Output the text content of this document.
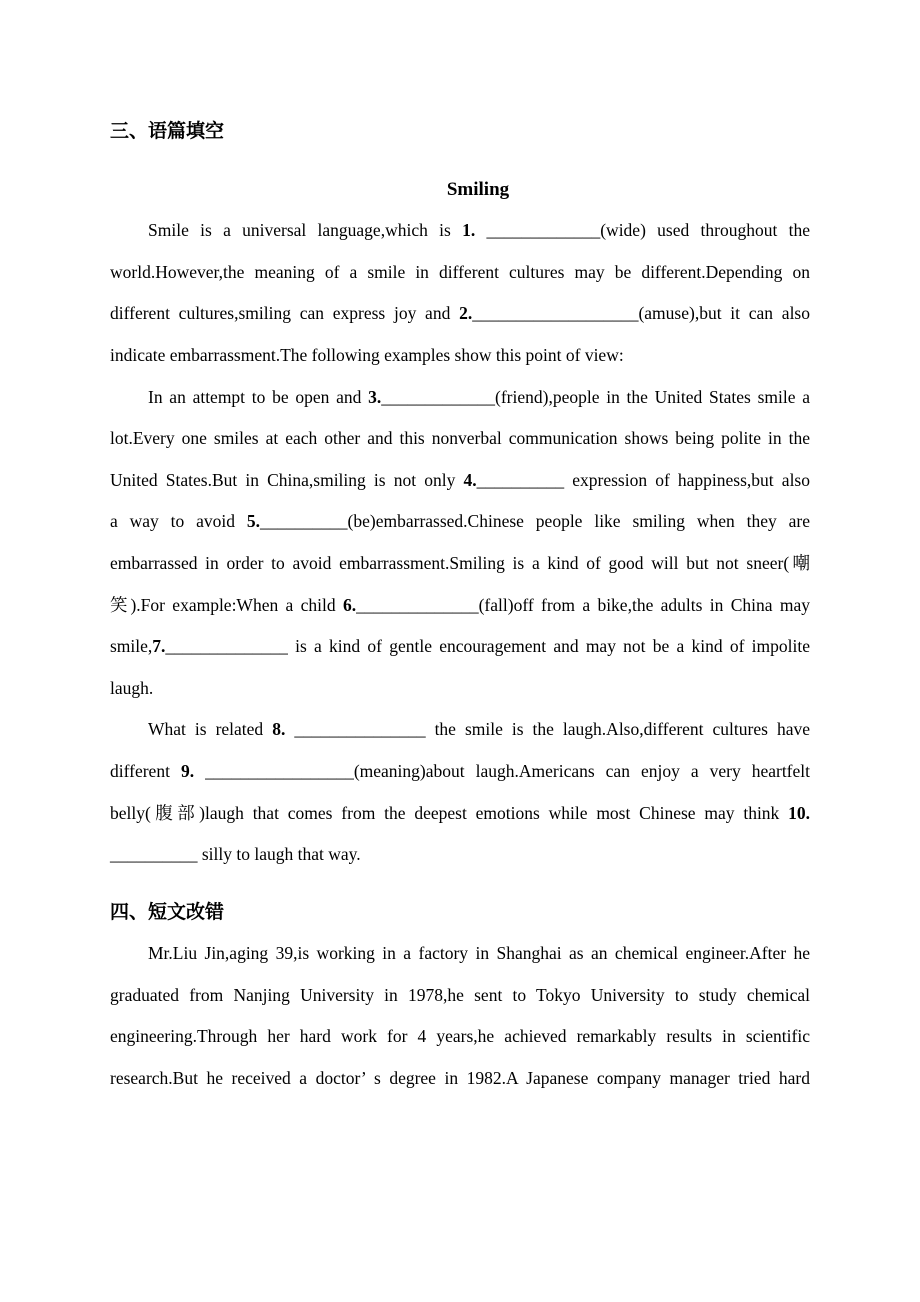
三、语篇填空
Smiling
Smile is a universal language,which is 1. _____________(wide) used throughout the
world.However,the meaning of a smile in different cultures may be different.Depending on
different cultures,smiling can express joy and 2.___________________(amuse),but it can also
indicate embarrassment.The following examples show this point of view:
In an attempt to be open and 3._____________(friend),people in the United States smile a
lot.Every one smiles at each other and this nonverbal communication shows being polite in the
United States.But in China,smiling is not only 4.__________ expression of happiness,but also
a way to avoid 5.__________(be)embarrassed.Chinese people like smiling when they are
embarrassed in order to avoid embarrassment.Smiling is a kind of good will but not sneer(嘲
笑).For example:When a child 6.______________(fall)off from a bike,the adults in China may
smile,7.______________ is a kind of gentle encouragement and may not be a kind of impolite
laugh.
What is related 8. _______________ the smile is the laugh.Also,different cultures have
different 9. _________________(meaning)about laugh.Americans can enjoy a very heartfelt
belly(腹部)laugh that comes from the deepest emotions while most Chinese may think 10.
__________ silly to laugh that way.
四、短文改错
Mr.Liu Jin,aging 39,is working in a factory in Shanghai as an chemical engineer.After he
graduated from Nanjing University in 1978,he sent to Tokyo University to study chemical
engineering.Through her hard work for 4 years,he achieved remarkably results in scientific
research.But he received a doctor’ s degree in 1982.A Japanese company manager tried hard
